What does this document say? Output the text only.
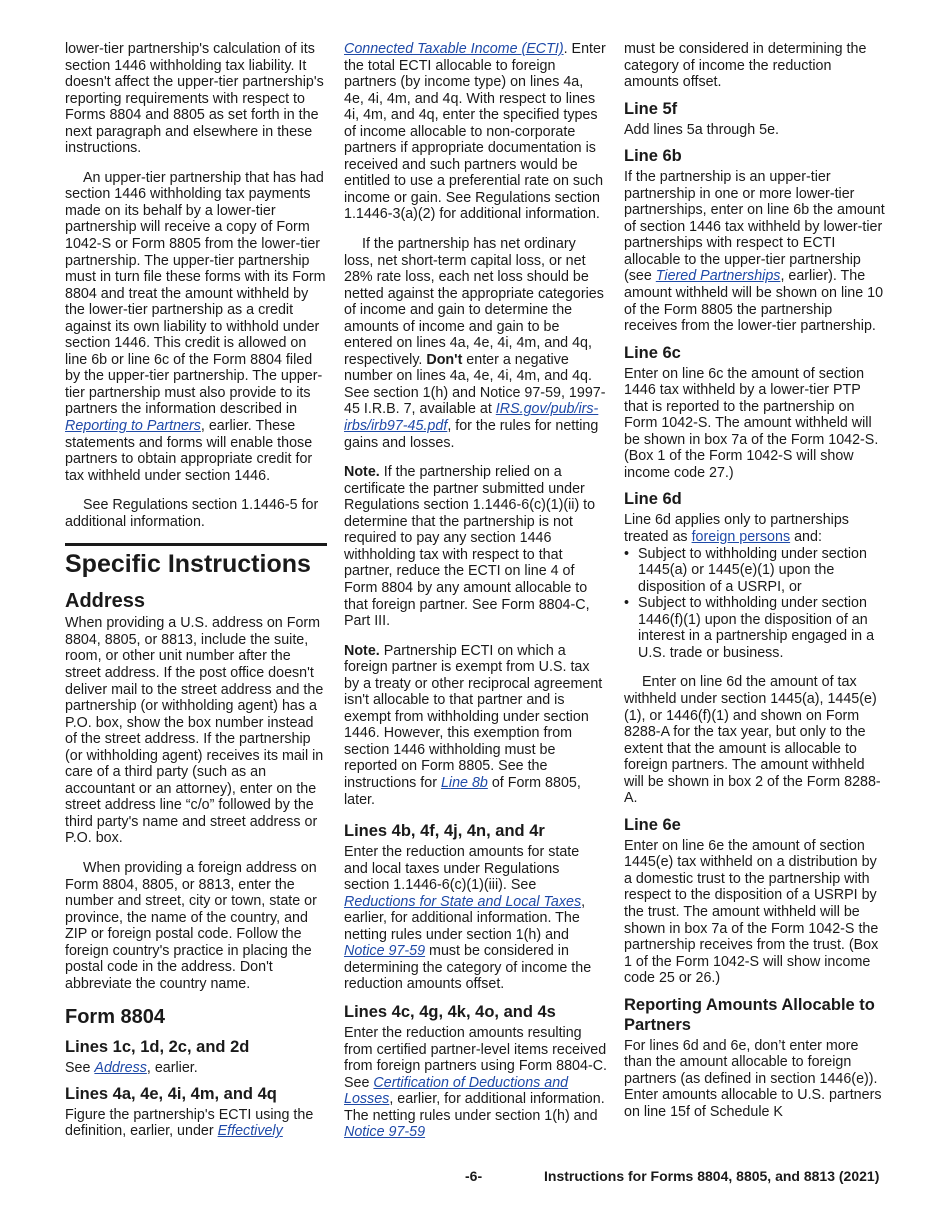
lower-tier partnership's calculation of its section 1446 withholding tax liability. It doesn't affect the upper-tier partnership's reporting requirements with respect to Forms 8804 and 8805 as set forth in the next paragraph and elsewhere in these instructions.

An upper-tier partnership that has had section 1446 withholding tax payments made on its behalf by a lower-tier partnership will receive a copy of Form 1042-S or Form 8805 from the lower-tier partnership. The upper-tier partnership must in turn file these forms with its Form 8804 and treat the amount withheld by the lower-tier partnership as a credit against its own liability to withhold under section 1446. This credit is allowed on line 6b or line 6c of the Form 8804 filed by the upper-tier partnership. The upper-tier partnership must also provide to its partners the information described in Reporting to Partners, earlier. These statements and forms will enable those partners to obtain appropriate credit for tax withheld under section 1446.

See Regulations section 1.1446-5 for additional information.

Specific Instructions
Address

When providing a U.S. address on Form 8804, 8805, or 8813, include the suite, room, or other unit number after the street address. If the post office doesn't deliver mail to the street address and the partnership (or withholding agent) has a P.O. box, show the box number instead of the street address. If the partnership (or withholding agent) receives its mail in care of a third party (such as an accountant or an attorney), enter on the street address line “c/o” followed by the third party's name and street address or P.O. box.

When providing a foreign address on Form 8804, 8805, or 8813, enter the number and street, city or town, state or province, the name of the country, and ZIP or foreign postal code. Follow the foreign country's practice in placing the postal code in the address. Don't abbreviate the country name.

Form 8804
Lines 1c, 1d, 2c, and 2d

See Address, earlier.

Lines 4a, 4e, 4i, 4m, and 4q

Figure the partnership's ECTI using the definition, earlier, under Effectively

Connected Taxable Income (ECTI). Enter the total ECTI allocable to foreign partners (by income type) on lines 4a, 4e, 4i, 4m, and 4q. With respect to lines 4i, 4m, and 4q, enter the specified types of income allocable to non-corporate partners if appropriate documentation is received and such partners would be entitled to use a preferential rate on such income or gain. See Regulations section 1.1446-3(a)(2) for additional information.

If the partnership has net ordinary loss, net short-term capital loss, or net 28% rate loss, each net loss should be netted against the appropriate categories of income and gain to determine the amounts of income and gain to be entered on lines 4a, 4e, 4i, 4m, and 4q, respectively. Don't enter a negative number on lines 4a, 4e, 4i, 4m, and 4q. See section 1(h) and Notice 97-59, 1997-45 I.R.B. 7, available at IRS.gov/pub/irs-irbs/irb97-45.pdf, for the rules for netting gains and losses.

Note. If the partnership relied on a certificate the partner submitted under Regulations section 1.1446-6(c)(1)(ii) to determine that the partnership is not required to pay any section 1446 withholding tax with respect to that partner, reduce the ECTI on line 4 of Form 8804 by any amount allocable to that foreign partner. See Form 8804-C, Part III.

Note. Partnership ECTI on which a foreign partner is exempt from U.S. tax by a treaty or other reciprocal agreement isn't allocable to that partner and is exempt from withholding under section 1446. However, this exemption from section 1446 withholding must be reported on Form 8805. See the instructions for Line 8b of Form 8805, later.

Lines 4b, 4f, 4j, 4n, and 4r

Enter the reduction amounts for state and local taxes under Regulations section 1.1446-6(c)(1)(iii). See Reductions for State and Local Taxes, earlier, for additional information. The netting rules under section 1(h) and Notice 97-59 must be considered in determining the category of income the reduction amounts offset.

Lines 4c, 4g, 4k, 4o, and 4s

Enter the reduction amounts resulting from certified partner-level items received from foreign partners using Form 8804-C. See Certification of Deductions and Losses, earlier, for additional information. The netting rules under section 1(h) and Notice 97-59

must be considered in determining the category of income the reduction amounts offset.

Line 5f

Add lines 5a through 5e.

Line 6b

If the partnership is an upper-tier partnership in one or more lower-tier partnerships, enter on line 6b the amount of section 1446 tax withheld by lower-tier partnerships with respect to ECTI allocable to the upper-tier partnership (see Tiered Partnerships, earlier). The amount withheld will be shown on line 10 of the Form 8805 the partnership receives from the lower-tier partnership.

Line 6c

Enter on line 6c the amount of section 1446 tax withheld by a lower-tier PTP that is reported to the partnership on Form 1042-S. The amount withheld will be shown in box 7a of the Form 1042-S. (Box 1 of the Form 1042-S will show income code 27.)

Line 6d

Line 6d applies only to partnerships treated as foreign persons and:

• Subject to withholding under section 1445(a) or 1445(e)(1) upon the disposition of a USRPI, or

• Subject to withholding under section 1446(f)(1) upon the disposition of an interest in a partnership engaged in a U.S. trade or business.

Enter on line 6d the amount of tax withheld under section 1445(a), 1445(e)(1), or 1446(f)(1) and shown on Form 8288-A for the tax year, but only to the extent that the amount is allocable to foreign partners. The amount withheld will be shown in box 2 of the Form 8288-A.

Line 6e

Enter on line 6e the amount of section 1445(e) tax withheld on a distribution by a domestic trust to the partnership with respect to the disposition of a USRPI by the trust. The amount withheld will be shown in box 7a of the Form 1042-S the partnership receives from the trust. (Box 1 of the Form 1042-S will show income code 25 or 26.)

Reporting Amounts Allocable to Partners

For lines 6d and 6e, don’t enter more than the amount allocable to foreign partners (as defined in section 1446(e)). Enter amounts allocable to U.S. partners on line 15f of Schedule K

-6-	Instructions for Forms 8804, 8805, and 8813 (2021)
